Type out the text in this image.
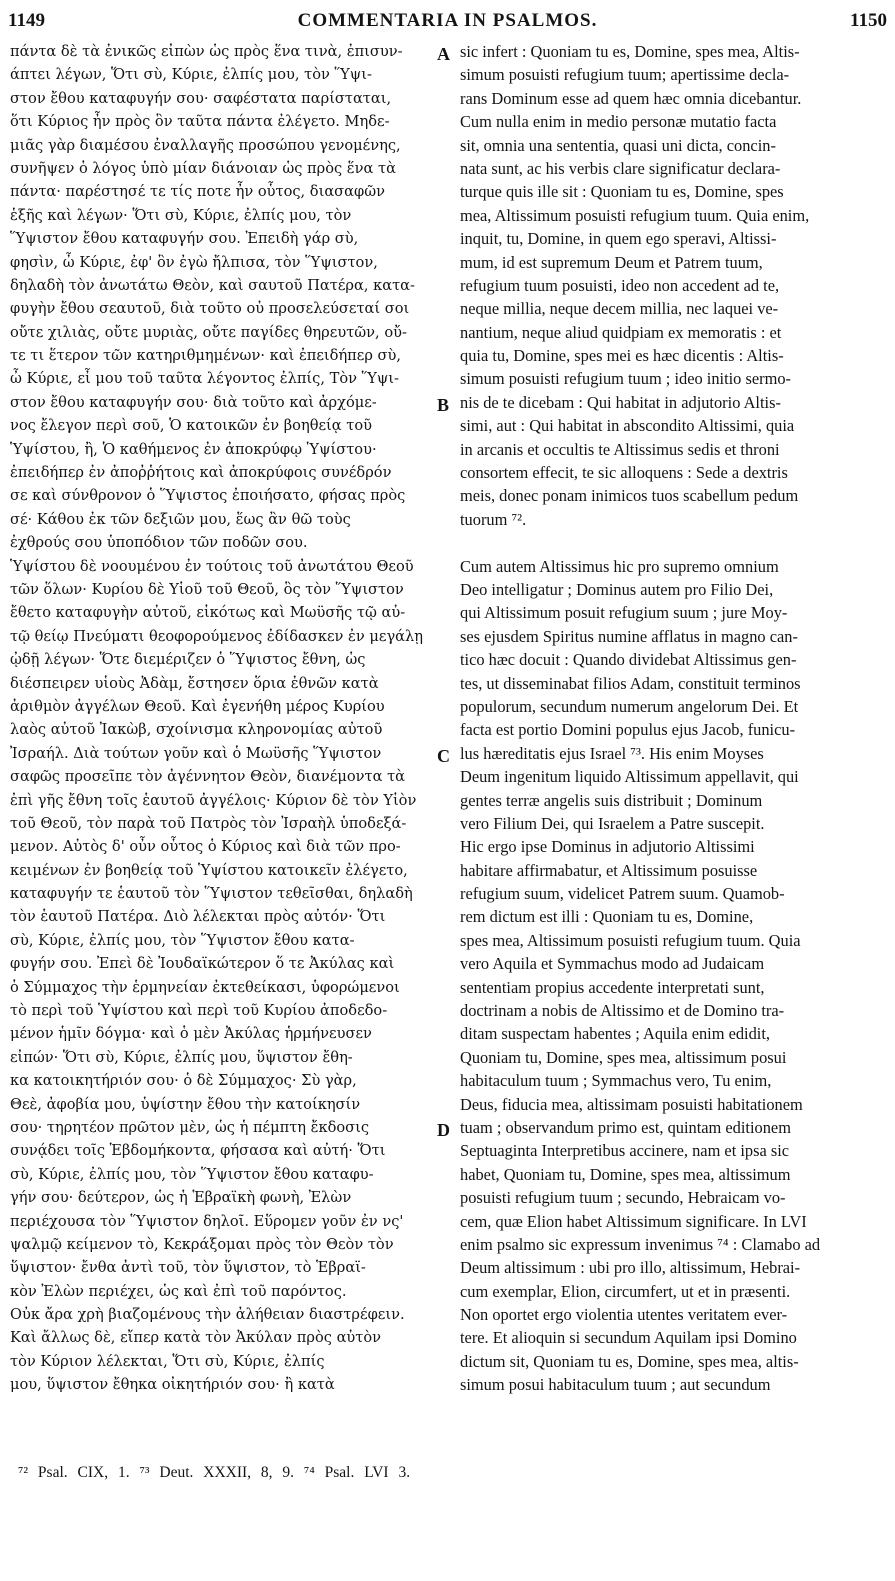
1149	COMMENTARIA IN PSALMOS.	1150
πάντα δὲ τὰ ἐνικῶς εἰπὼν ὡς πρὸς ἕνα τινὰ, ἐπισυν-
άπτει λέγων, Ὅτι σὺ, Κύριε, ἐλπίς μου, τὸν Ὕψι-
στον ἔθου καταφυγήν σου· σαφέστατα παρίσταται,
ὅτι Κύριος ἦν πρὸς ὃν ταῦτα πάντα ἐλέγετο. Μηδε-
μιᾶς γὰρ διαμέσου ἐναλλαγῆς προσώπου γενομένης,
συνῆψεν ὁ λόγος ὑπὸ μίαν διάνοιαν ὡς πρὸς ἕνα τὰ
πάντα· παρέστησέ τε τίς ποτε ἦν οὗτος, διασαφῶν
ἑξῆς καὶ λέγων· Ὅτι σὺ, Κύριε, ἐλπίς μου, τὸν
Ὕψιστον ἔθου καταφυγήν σου. Ἐπειδὴ γάρ σὺ,
φησὶν, ὦ Κύριε, ἐφ' ὃν ἐγὼ ἤλπισα, τὸν Ὕψιστον,
δηλαδὴ τὸν ἀνωτάτω Θεὸν, καὶ σαυτοῦ Πατέρα, κατα-
φυγὴν ἔθου σεαυτοῦ, διὰ τοῦτο οὐ προσελεύσεταί σοι
οὔτε χιλιὰς, οὔτε μυριὰς, οὔτε παγίδες θηρευτῶν, οὔ-
τε τι ἕτερον τῶν κατηριθμημένων· καὶ ἐπειδήπερ σὺ,
ὦ Κύριε, εἶ μου τοῦ ταῦτα λέγοντος ἐλπίς, Τὸν Ὕψι-
στον ἔθου καταφυγήν σου· διὰ τοῦτο καὶ ἀρχόμε-
νος ἔλεγον περὶ σοῦ, Ὁ κατοικῶν ἐν βοηθείᾳ τοῦ
Ὑψίστου, ἢ, Ὁ καθήμενος ἐν ἀποκρύφῳ Ὑψίστου·
ἐπειδήπερ ἐν ἀποῤῥήτοις καὶ ἀποκρύφοις συνέδρόν
σε καὶ σύνθρονον ὁ Ὕψιστος ἐποιήσατο, φήσας πρὸς
σέ· Κάθου ἐκ τῶν δεξιῶν μου, ἕως ἂν θῶ τοὺς
ἐχθρούς σου ὑποπόδιον τῶν ποδῶν σου.
Ὑψίστου δὲ νοουμένου ἐν τούτοις τοῦ ἀνωτάτου Θεοῦ
τῶν ὅλων· Κυρίου δὲ Υἱοῦ τοῦ Θεοῦ, ὃς τὸν Ὕψιστον
ἔθετο καταφυγὴν αὐτοῦ, εἰκότως καὶ Μωϋσῆς τῷ αὐ-
τῷ θείῳ Πνεύματι θεοφορούμενος ἐδίδασκεν ἐν μεγάλῃ
ᾠδῇ λέγων· Ὅτε διεμέριζεν ὁ Ὕψιστος ἔθνη, ὡς
διέσπειρεν υἱοὺς Ἀδὰμ, ἔστησεν ὅρια ἐθνῶν κατὰ
ἀριθμὸν ἀγγέλων Θεοῦ. Καὶ ἐγενήθη μέρος Κυρίου
λαὸς αὐτοῦ Ἰακὼβ, σχοίνισμα κληρονομίας αὐτοῦ
Ἰσραήλ. Διὰ τούτων γοῦν καὶ ὁ Μωϋσῆς Ὕψιστον
σαφῶς προσεῖπε τὸν ἀγέννητον Θεὸν, διανέμοντα τὰ
ἐπὶ γῆς ἔθνη τοῖς ἑαυτοῦ ἀγγέλοις· Κύριον δὲ τὸν Υἱὸν
τοῦ Θεοῦ, τὸν παρὰ τοῦ Πατρὸς τὸν Ἰσραὴλ ὑποδεξά-
μενον. Αὐτὸς δ' οὖν οὗτος ὁ Κύριος καὶ διὰ τῶν προ-
κειμένων ἐν βοηθείᾳ τοῦ Ὑψίστου κατοικεῖν ἐλέγετο,
καταφυγήν τε ἑαυτοῦ τὸν Ὕψιστον τεθεῖσθαι, δηλαδὴ
τὸν ἑαυτοῦ Πατέρα. Διὸ λέλεκται πρὸς αὐτόν· Ὅτι
σὺ, Κύριε, ἐλπίς μου, τὸν Ὕψιστον ἔθου κατα-
φυγήν σου. Ἐπεὶ δὲ Ἰουδαϊκώτερον ὅ τε Ἀκύλας καὶ
ὁ Σύμμαχος τὴν ἑρμηνείαν ἐκτεθείκασι, ὑφορώμενοι
τὸ περὶ τοῦ Ὑψίστου καὶ περὶ τοῦ Κυρίου ἀποδεδο-
μένον ἡμῖν δόγμα· καὶ ὁ μὲν Ἀκύλας ἡρμήνευσεν
εἰπών· Ὅτι σὺ, Κύριε, ἐλπίς μου, ὕψιστον ἔθη-
κα κατοικητήριόν σου· ὁ δὲ Σύμμαχος· Σὺ γὰρ,
Θεὲ, ἀφοβία μου, ὑψίστην ἔθου τὴν κατοίκησίν
σου· τηρητέον πρῶτον μὲν, ὡς ἡ πέμπτη ἔκδοσις
συνᾴδει τοῖς Ἑβδομήκοντα, φήσασα καὶ αὐτή· Ὅτι
σὺ, Κύριε, ἐλπίς μου, τὸν Ὕψιστον ἔθου καταφυ-
γήν σου· δεύτερον, ὡς ἡ Ἑβραϊκὴ φωνὴ, Ἐλὼν
περιέχουσα τὸν Ὕψιστον δηλοῖ. Εὕρομεν γοῦν ἐν νς'
ψαλμῷ κείμενον τὸ, Κεκράξομαι πρὸς τὸν Θεὸν τὸν
ὕψιστον· ἔνθα ἀντὶ τοῦ, τὸν ὕψιστον, τὸ Ἑβραϊ-
κὸν Ἐλὼν περιέχει, ὡς καὶ ἐπὶ τοῦ παρόντος.
Οὐκ ἄρα χρὴ βιαζομένους τὴν ἀλήθειαν διαστρέφειν.
Καὶ ἄλλως δὲ, εἴπερ κατὰ τὸν Ἀκύλαν πρὸς αὐτὸν
τὸν Κύριον λέλεκται, Ὅτι σὺ, Κύριε, ἐλπίς
μου, ὕψιστον ἔθηκα οἰκητήριόν σου· ἢ κατὰ
sic infert : Quoniam tu es, Domine, spes mea, Altis-
simum posuisti refugium tuum; apertissime decla-
rans Dominum esse ad quem hæc omnia dicebantur.
Cum nulla enim in medio personæ mutatio facta
sit, omnia una sententia, quasi uni dicta, concin-
nata sunt, ac his verbis clare significatur declara-
turque quis ille sit : Quoniam tu es, Domine, spes
mea, Altissimum posuisti refugium tuum. Quia enim,
inquit, tu, Domine, in quem ego speravi, Altissi-
mum, id est supremum Deum et Patrem tuum,
refugium tuum posuisti, ideo non accedent ad te,
neque millia, neque decem millia, nec laquei ve-
nantium, neque aliud quidpiam ex memoratis : et
quia tu, Domine, spes mei es hæc dicentis : Altis-
simum posuisti refugium tuum ; ideo initio sermo-
nis de te dicebam : Qui habitat in adjutorio Altis-
simi, aut : Qui habitat in abscondito Altissimi, quia
in arcanis et occultis te Altissimus sedis et throni
consortem effecit, te sic alloquens : Sede a dextris
meis, donec ponam inimicos tuos scabellum pedum
tuorum ⁷².
Cum autem Altissimus hic pro supremo omnium
Deo intelligatur ; Dominus autem pro Filio Dei,
qui Altissimum posuit refugium suum ; jure Moy-
ses ejusdem Spiritus numine afflatus in magno can-
tico hæc docuit : Quando dividebat Altissimus gen-
tes, ut disseminabat filios Adam, constituit terminos
populorum, secundum numerum angelorum Dei. Et
facta est portio Domini populus ejus Jacob, funicu-
lus hæreditatis ejus Israel ⁷³. His enim Moyses
Deum ingenitum liquido Altissimum appellavit, qui
gentes terræ angelis suis distribuit ; Dominum
vero Filium Dei, qui Israelem a Patre suscepit.
Hic ergo ipse Dominus in adjutorio Altissimi
habitare affirmabatur, et Altissimum posuisse
refugium suum, videlicet Patrem suum. Quamob-
rem dictum est illi : Quoniam tu es, Domine,
spes mea, Altissimum posuisti refugium tuum. Quia
vero Aquila et Symmachus modo ad Judaicam
sententiam propius accedente interpretati sunt,
doctrinam a nobis de Altissimo et de Domino tra-
ditam suspectam habentes ; Aquila enim edidit,
Quoniam tu, Domine, spes mea, altissimum posui
habitaculum tuum ; Symmachus vero, Tu enim,
Deus, fiducia mea, altissimam posuisti habitationem
tuam ; observandum primo est, quintam editionem
Septuaginta Interpretibus accinere, nam et ipsa sic
habet, Quoniam tu, Domine, spes mea, altissimum
posuisti refugium tuum ; secundo, Hebraicam vo-
cem, quæ Elion habet Altissimum significare. In LVI
enim psalmo sic expressum invenimus ⁷⁴ : Clamabo ad
Deum altissimum : ubi pro illo, altissimum, Hebrai-
cum exemplar, Elion, circumfert, ut et in præsenti.
Non oportet ergo violentia utentes veritatem ever-
tere. Et alioquin si secundum Aquilam ipsi Domino
dictum sit, Quoniam tu es, Domine, spes mea, altis-
simum posui habitaculum tuum ; aut secundum
A
B
C
D
⁷² Psal. CIX, 1. ⁷³ Deut. XXXII, 8, 9. ⁷⁴ Psal. LVI 3.
